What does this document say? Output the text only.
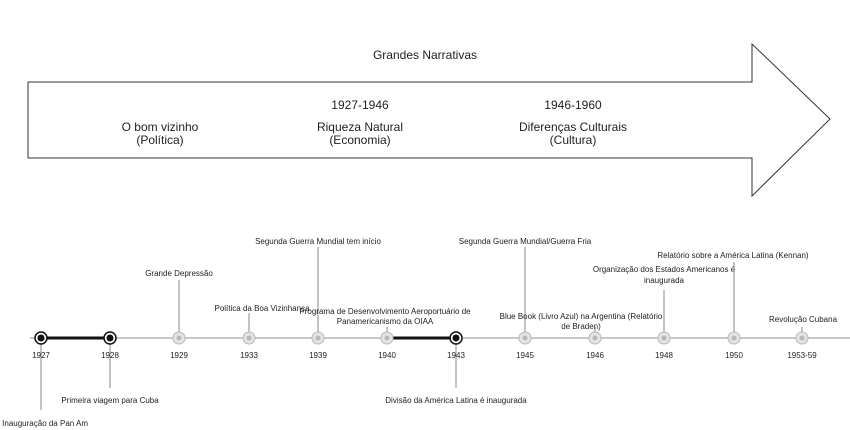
Grandes Narrativas
O bom vizinho
(Política)
1927-1946
Riqueza Natural
(Economia)
1946-1960
Diferenças Culturais
(Cultura)
Inauguração da Pan Am
Primeira viagem para Cuba
Grande Depressão
Política da Boa Vizinhança
Segunda Guerra Mundial tem início
Programa de Desenvolvimento Aeroportuário de
Panamericanismo da OIAA
Divisão da América Latina é inaugurada
Segunda Guerra Mundial/Guerra Fria
Blue Book (Livro Azul) na Argentina (Relatório
de Braden)
Organização dos Estados Americanos é
inaugurada
Relatório sobre a América Latina (Kennan)
Revolução Cubana
1927	1928	1929	1933	1939	1940	1943	1945	1946	1948	1950	1953-59
